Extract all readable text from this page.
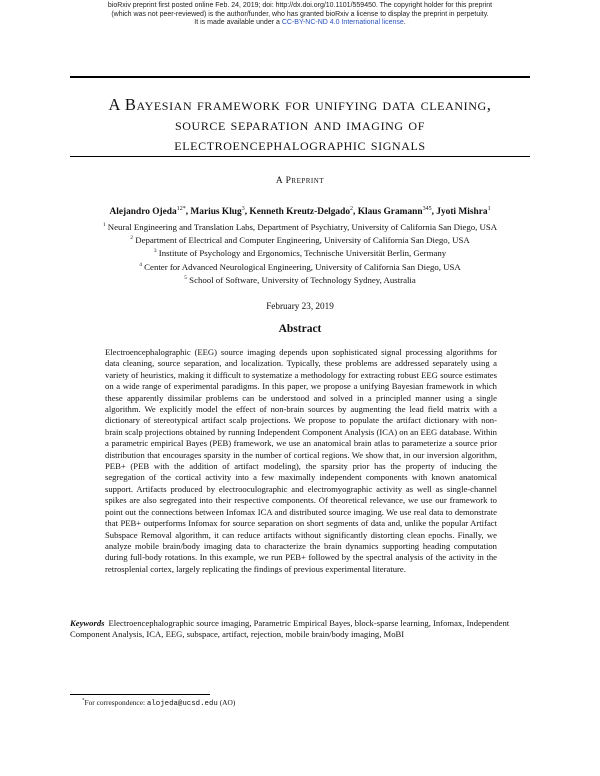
bioRxiv preprint first posted online Feb. 24, 2019; doi: http://dx.doi.org/10.1101/559450. The copyright holder for this preprint
(which was not peer-reviewed) is the author/funder, who has granted bioRxiv a license to display the preprint in perpetuity.
It is made available under a CC-BY-NC-ND 4.0 International license.
A Bayesian framework for unifying data cleaning,
source separation and imaging of
electroencephalographic signals
A Preprint
Alejandro Ojeda$^{12*}$, Marius Klug$^3$, Kenneth Kreutz-Delgado$^2$, Klaus Gramann$^{345}$, Jyoti Mishra$^1$
$^1$ Neural Engineering and Translation Labs, Department of Psychiatry, University of California San Diego, USA
$^2$ Department of Electrical and Computer Engineering, University of California San Diego, USA
$^3$ Institute of Psychology and Ergonomics, Technische Universität Berlin, Germany
$^4$ Center for Advanced Neurological Engineering, University of California San Diego, USA
$^5$ School of Software, University of Technology Sydney, Australia
February 23, 2019
Abstract
Electroencephalographic (EEG) source imaging depends upon sophisticated signal processing algorithms for data cleaning, source separation, and localization. Typically, these problems are addressed separately using a variety of heuristics, making it difficult to systematize a methodology for extracting robust EEG source estimates on a wide range of experimental paradigms. In this paper, we propose a unifying Bayesian framework in which these apparently dissimilar problems can be understood and solved in a principled manner using a single algorithm. We explicitly model the effect of non-brain sources by augmenting the lead field matrix with a dictionary of stereotypical artifact scalp projections. We propose to populate the artifact dictionary with non-brain scalp projections obtained by running Independent Component Analysis (ICA) on an EEG database. Within a parametric empirical Bayes (PEB) framework, we use an anatomical brain atlas to parameterize a source prior distribution that encourages sparsity in the number of cortical regions. We show that, in our inversion algorithm, PEB+ (PEB with the addition of artifact modeling), the sparsity prior has the property of inducing the segregation of the cortical activity into a few maximally independent components with known anatomical support. Artifacts produced by electrooculographic and electromyographic activity as well as single-channel spikes are also segregated into their respective components. Of theoretical relevance, we use our framework to point out the connections between Infomax ICA and distributed source imaging. We use real data to demonstrate that PEB+ outperforms Infomax for source separation on short segments of data and, unlike the popular Artifact Subspace Removal algorithm, it can reduce artifacts without significantly distorting clean epochs. Finally, we analyze mobile brain/body imaging data to characterize the brain dynamics supporting heading computation during full-body rotations. In this example, we run PEB+ followed by the spectral analysis of the activity in the retrosplenial cortex, largely replicating the findings of previous experimental literature.
Keywords Electroencephalographic source imaging, Parametric Empirical Bayes, block-sparse learning, Infomax, Independent Component Analysis, ICA, EEG, subspace, artifact, rejection, mobile brain/body imaging, MoBI
*For correspondence: alojeda@ucsd.edu (AO)
